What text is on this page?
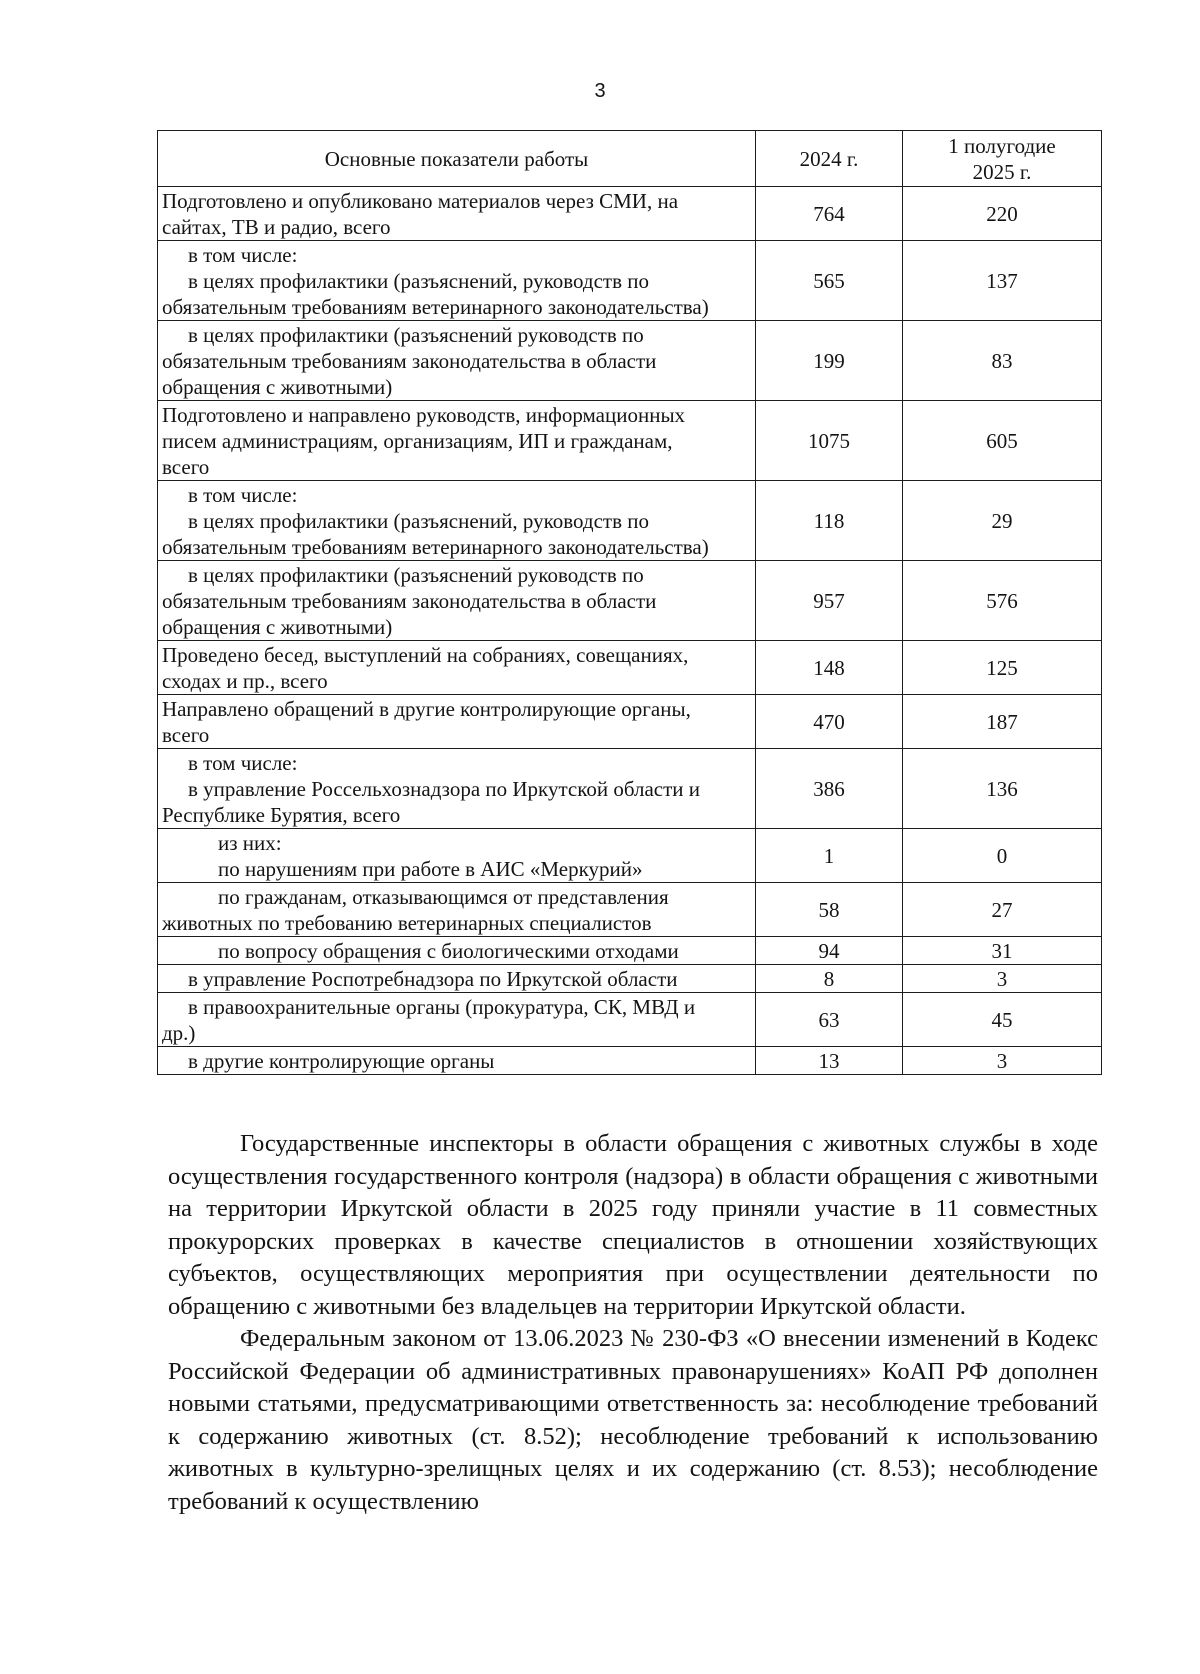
3
Основные показатели работы	2024 г.	1 полугодие
2025 г.

Подготовлено и опубликовано материалов через СМИ, на
сайтах, ТВ и радио, всего	764	220

в том числе:
в целях профилактики (разъяснений, руководств по
обязательным требованиям ветеринарного законодательства)	565	137

в целях профилактики (разъяснений руководств по
обязательным требованиям законодательства в области
обращения с животными)	199	83

Подготовлено и направлено руководств, информационных
писем администрациям, организациям, ИП и гражданам,
всего	1075	605

в том числе:
в целях профилактики (разъяснений, руководств по
обязательным требованиям ветеринарного законодательства)	118	29

в целях профилактики (разъяснений руководств по
обязательным требованиям законодательства в области
обращения с животными)	957	576

Проведено бесед, выступлений на собраниях, совещаниях,
сходах и пр., всего	148	125

Направлено обращений в другие контролирующие органы,
всего	470	187

в том числе:
в управление Россельхознадзора по Иркутской области и
Республике Бурятия, всего	386	136

из них:
по нарушениям при работе в АИС «Меркурий»	1	0

по гражданам, отказывающимся от представления
животных по требованию ветеринарных специалистов	58	27

по вопросу обращения с биологическими отходами	94	31

в управление Роспотребнадзора по Иркутской области	8	3

в правоохранительные органы (прокуратура, СК, МВД и
др.)	63	45

в другие контролирующие органы	13	3

Государственные инспекторы в области обращения с животных службы в ходе осуществления государственного контроля (надзора) в области обращения с животными на территории Иркутской области в 2025 году приняли участие в 11 совместных прокурорских проверках в качестве специалистов в отношении хозяйствующих субъектов, осуществляющих мероприятия при осуществлении деятельности по обращению с животными без владельцев на территории Иркутской области.

Федеральным законом от 13.06.2023 № 230-ФЗ «О внесении изменений в Кодекс Российской Федерации об административных правонарушениях» КоАП РФ дополнен новыми статьями, предусматривающими ответственность за: несоблюдение требований к содержанию животных (ст. 8.52); несоблюдение требований к использованию животных в культурно-зрелищных целях и их содержанию (ст. 8.53); несоблюдение требований к осуществлению
